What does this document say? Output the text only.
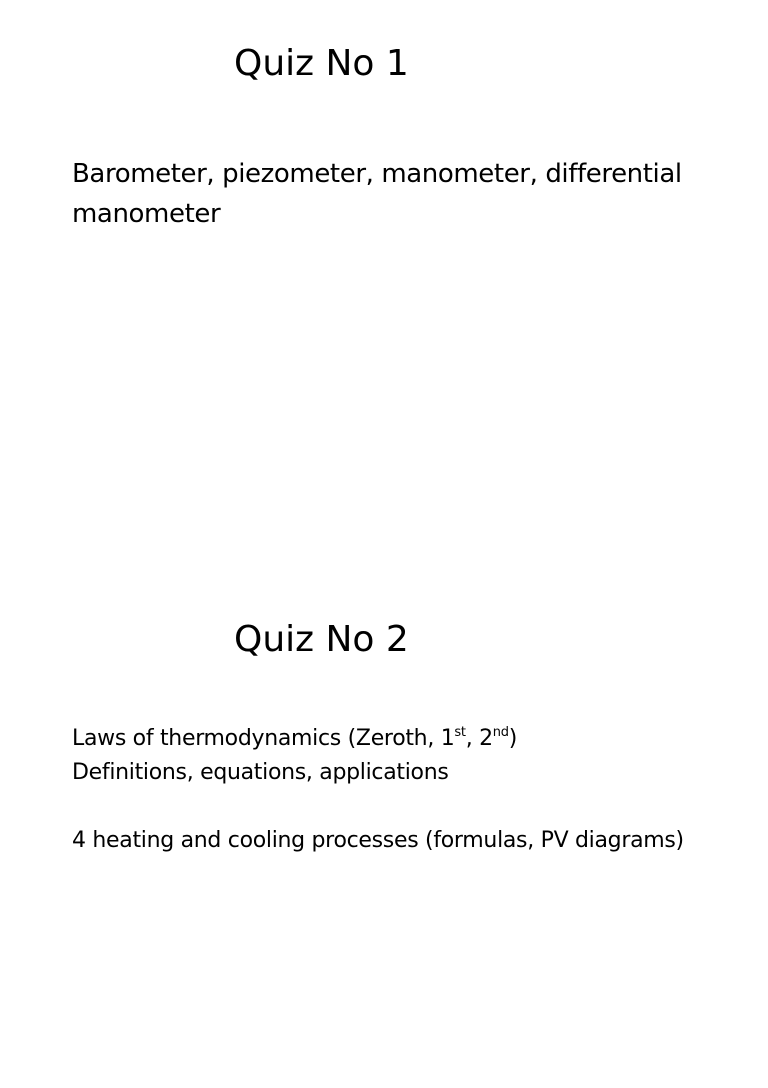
Quiz No 1
Barometer, piezometer, manometer, differential manometer
Quiz No 2
Laws of thermodynamics (Zeroth, 1st, 2nd)
Definitions, equations, applications
4 heating and cooling processes (formulas, PV diagrams)
